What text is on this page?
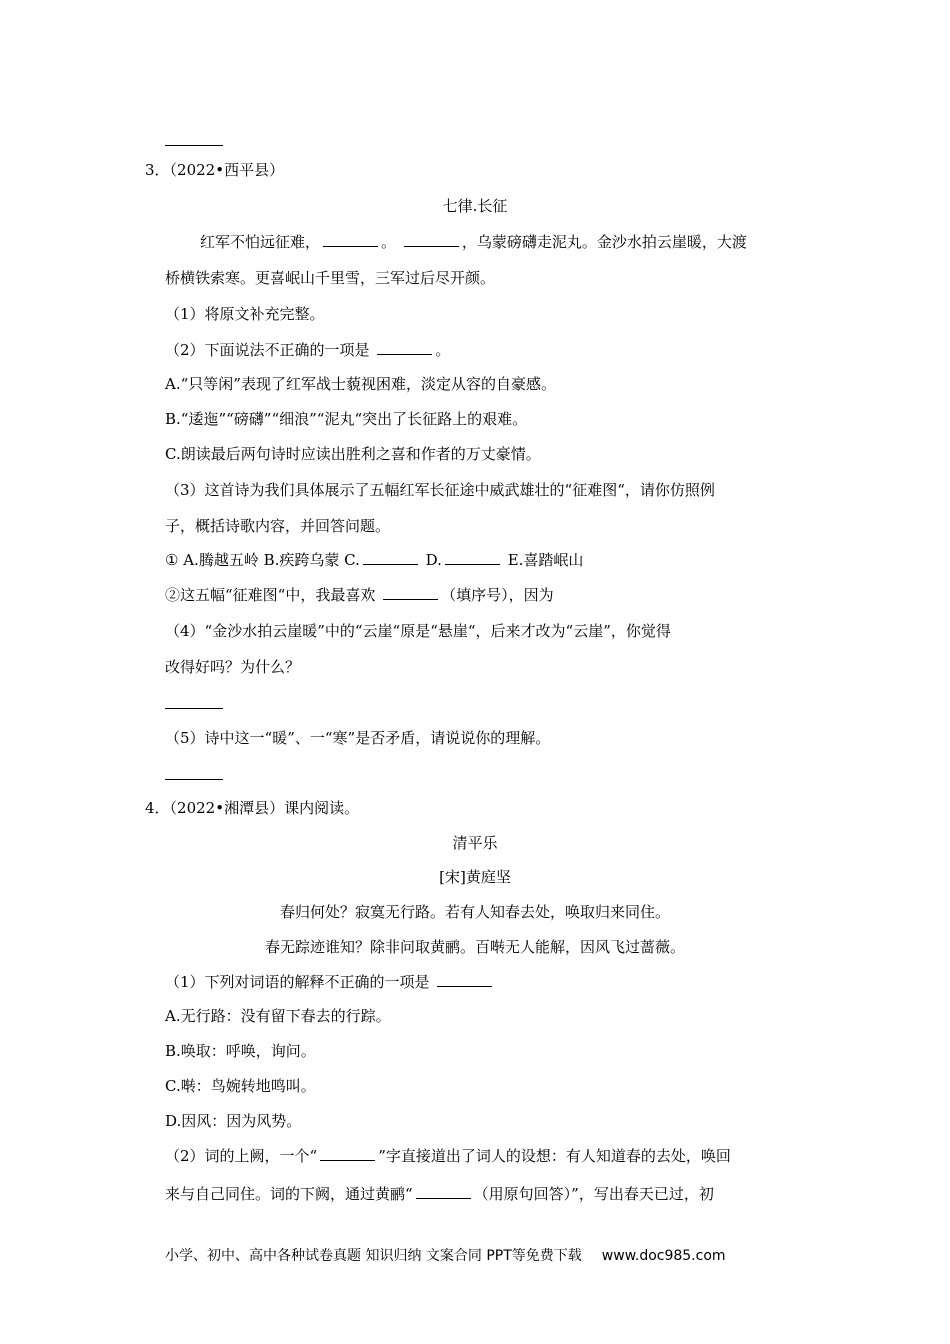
3．（2022•西平县）
七律.长征
红军不怕远征难，	。	，乌蒙磅礴走泥丸。金沙水拍云崖暖，大渡
桥横铁索寒。更喜岷山千里雪，三军过后尽开颜。
（1）将原文补充完整。
（2）下面说法不正确的一项是	。
A.“只等闲”表现了红军战士藐视困难，淡定从容的自豪感。
B.“逶迤”“磅礴”“细浪”“泥丸“突出了长征路上的艰难。
C.朗读最后两句诗时应读出胜利之喜和作者的万丈豪情。
（3）这首诗为我们具体展示了五幅红军长征途中威武雄壮的“征难图“，请你仿照例
子，概括诗歌内容，并回答问题。
① A.腾越五岭 B.疾跨乌蒙 C.	D.	E.喜踏岷山
②这五幅“征难图“中，我最喜欢	（填序号），因为
（4）“金沙水拍云崖暖”中的“云崖“原是“悬崖“，后来才改为“云崖”，你觉得
改得好吗？为什么？
（5）诗中这一“暖”、一“寒”是否矛盾，请说说你的理解。
4．（2022•湘潭县）课内阅读。
清平乐
[宋]黄庭坚
春归何处？寂寞无行路。若有人知春去处，唤取归来同住。
春无踪迹谁知？除非问取黄鹂。百啭无人能解，因风飞过蔷薇。
（1）下列对词语的解释不正确的一项是
A.无行路：没有留下春去的行踪。
B.唤取：呼唤，询问。
C.啭：鸟婉转地鸣叫。
D.因风：因为风势。
（2）词的上阙，一个“	”字直接道出了词人的设想：有人知道春的去处，唤回
来与自己同住。词的下阙，通过黄鹂“	（用原句回答）”，写出春天已过，初
小学、初中、高中各种试卷真题 知识归纳 文案合同 PPT等免费下载 www.doc985.com
